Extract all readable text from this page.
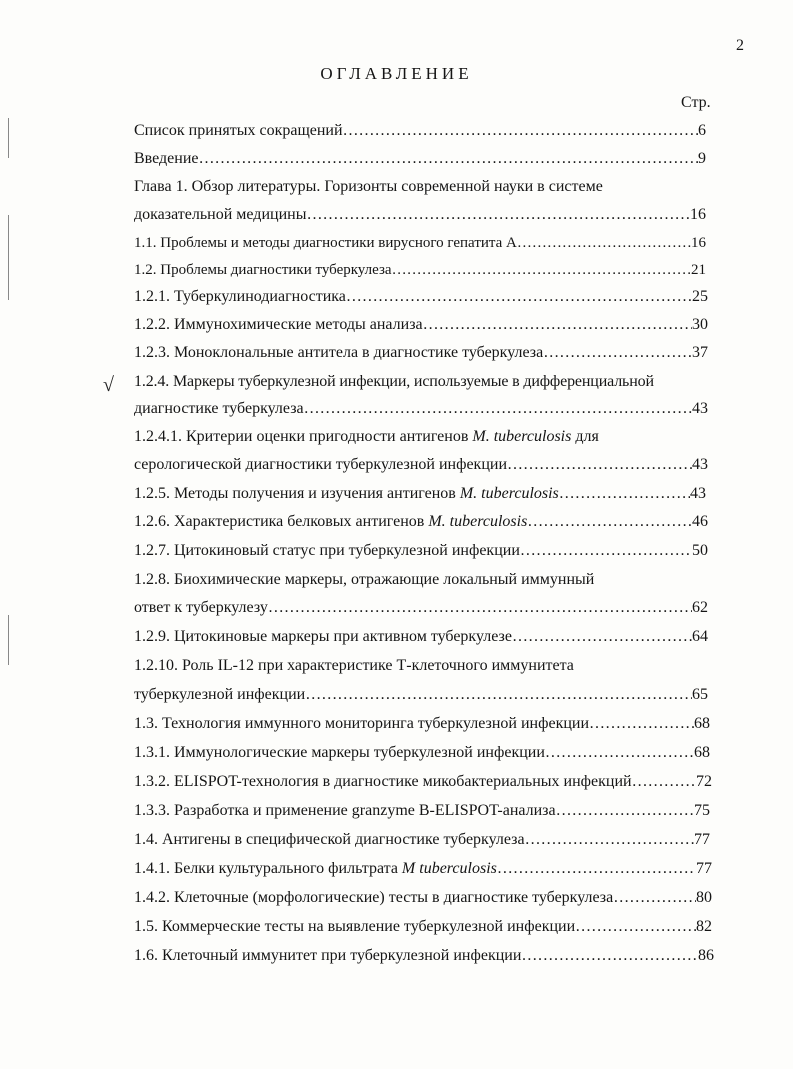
2
ОГЛАВЛЕНИЕ
Стр.
√
Список принятых сокращений ……………………………………………………………………………………………………………………………………………………	6
Введение ……………………………………………………………………………………………………………………………………………………	9
Глава 1. Обзор литературы. Горизонты современной науки в системе
доказательной медицины ……………………………………………………………………………………………………………………………………………………	16
1.1. Проблемы и методы диагностики вирусного гепатита А ……………………………………………………………………………………………………………………………………………………	16
1.2. Проблемы диагностики туберкулеза ……………………………………………………………………………………………………………………………………………………	21
1.2.1. Туберкулинодиагностика ……………………………………………………………………………………………………………………………………………………	25
1.2.2. Иммунохимические методы анализа ……………………………………………………………………………………………………………………………………………………	30
1.2.3. Моноклональные антитела в диагностике туберкулеза ……………………………………………………………………………………………………………………………………………………	37
1.2.4. Маркеры туберкулезной инфекции, используемые в дифференциальной
диагностике туберкулеза ……………………………………………………………………………………………………………………………………………………	43
1.2.4.1. Критерии оценки пригодности антигенов M. tuberculosis для
серологической диагностики туберкулезной инфекции ……………………………………………………………………………………………………………………………………………………	43
1.2.5. Методы получения и изучения антигенов M. tuberculosis ……………………………………………………………………………………………………………………………………………………	43
1.2.6. Характеристика белковых антигенов M. tuberculosis ……………………………………………………………………………………………………………………………………………………	46
1.2.7. Цитокиновый статус при туберкулезной инфекции ……………………………………………………………………………………………………………………………………………………	50
1.2.8. Биохимические маркеры, отражающие локальный иммунный
ответ к туберкулезу ……………………………………………………………………………………………………………………………………………………	62
1.2.9. Цитокиновые маркеры при активном туберкулезе ……………………………………………………………………………………………………………………………………………………	64
1.2.10. Роль IL-12 при характеристике Т-клеточного иммунитета
туберкулезной инфекции ……………………………………………………………………………………………………………………………………………………	65
1.3. Технология иммунного мониторинга туберкулезной инфекции ……………………………………………………………………………………………………………………………………………………	68
1.3.1. Иммунологические маркеры туберкулезной инфекции ……………………………………………………………………………………………………………………………………………………	68
1.3.2. ELISPOT-технология в диагностике микобактериальных инфекций ……………………………………………………………………………………………………………………………………………………	72
1.3.3. Разработка и применение granzyme B-ELISPOT-анализа ……………………………………………………………………………………………………………………………………………………	75
1.4. Антигены в специфической диагностике туберкулеза ……………………………………………………………………………………………………………………………………………………	77
1.4.1. Белки культурального фильтрата M tuberculosis ……………………………………………………………………………………………………………………………………………………	77
1.4.2. Клеточные (морфологические) тесты в диагностике туберкулеза ……………………………………………………………………………………………………………………………………………………	80
1.5. Коммерческие тесты на выявление туберкулезной инфекции ……………………………………………………………………………………………………………………………………………………	82
1.6. Клеточный иммунитет при туберкулезной инфекции ……………………………………………………………………………………………………………………………………………………	86
